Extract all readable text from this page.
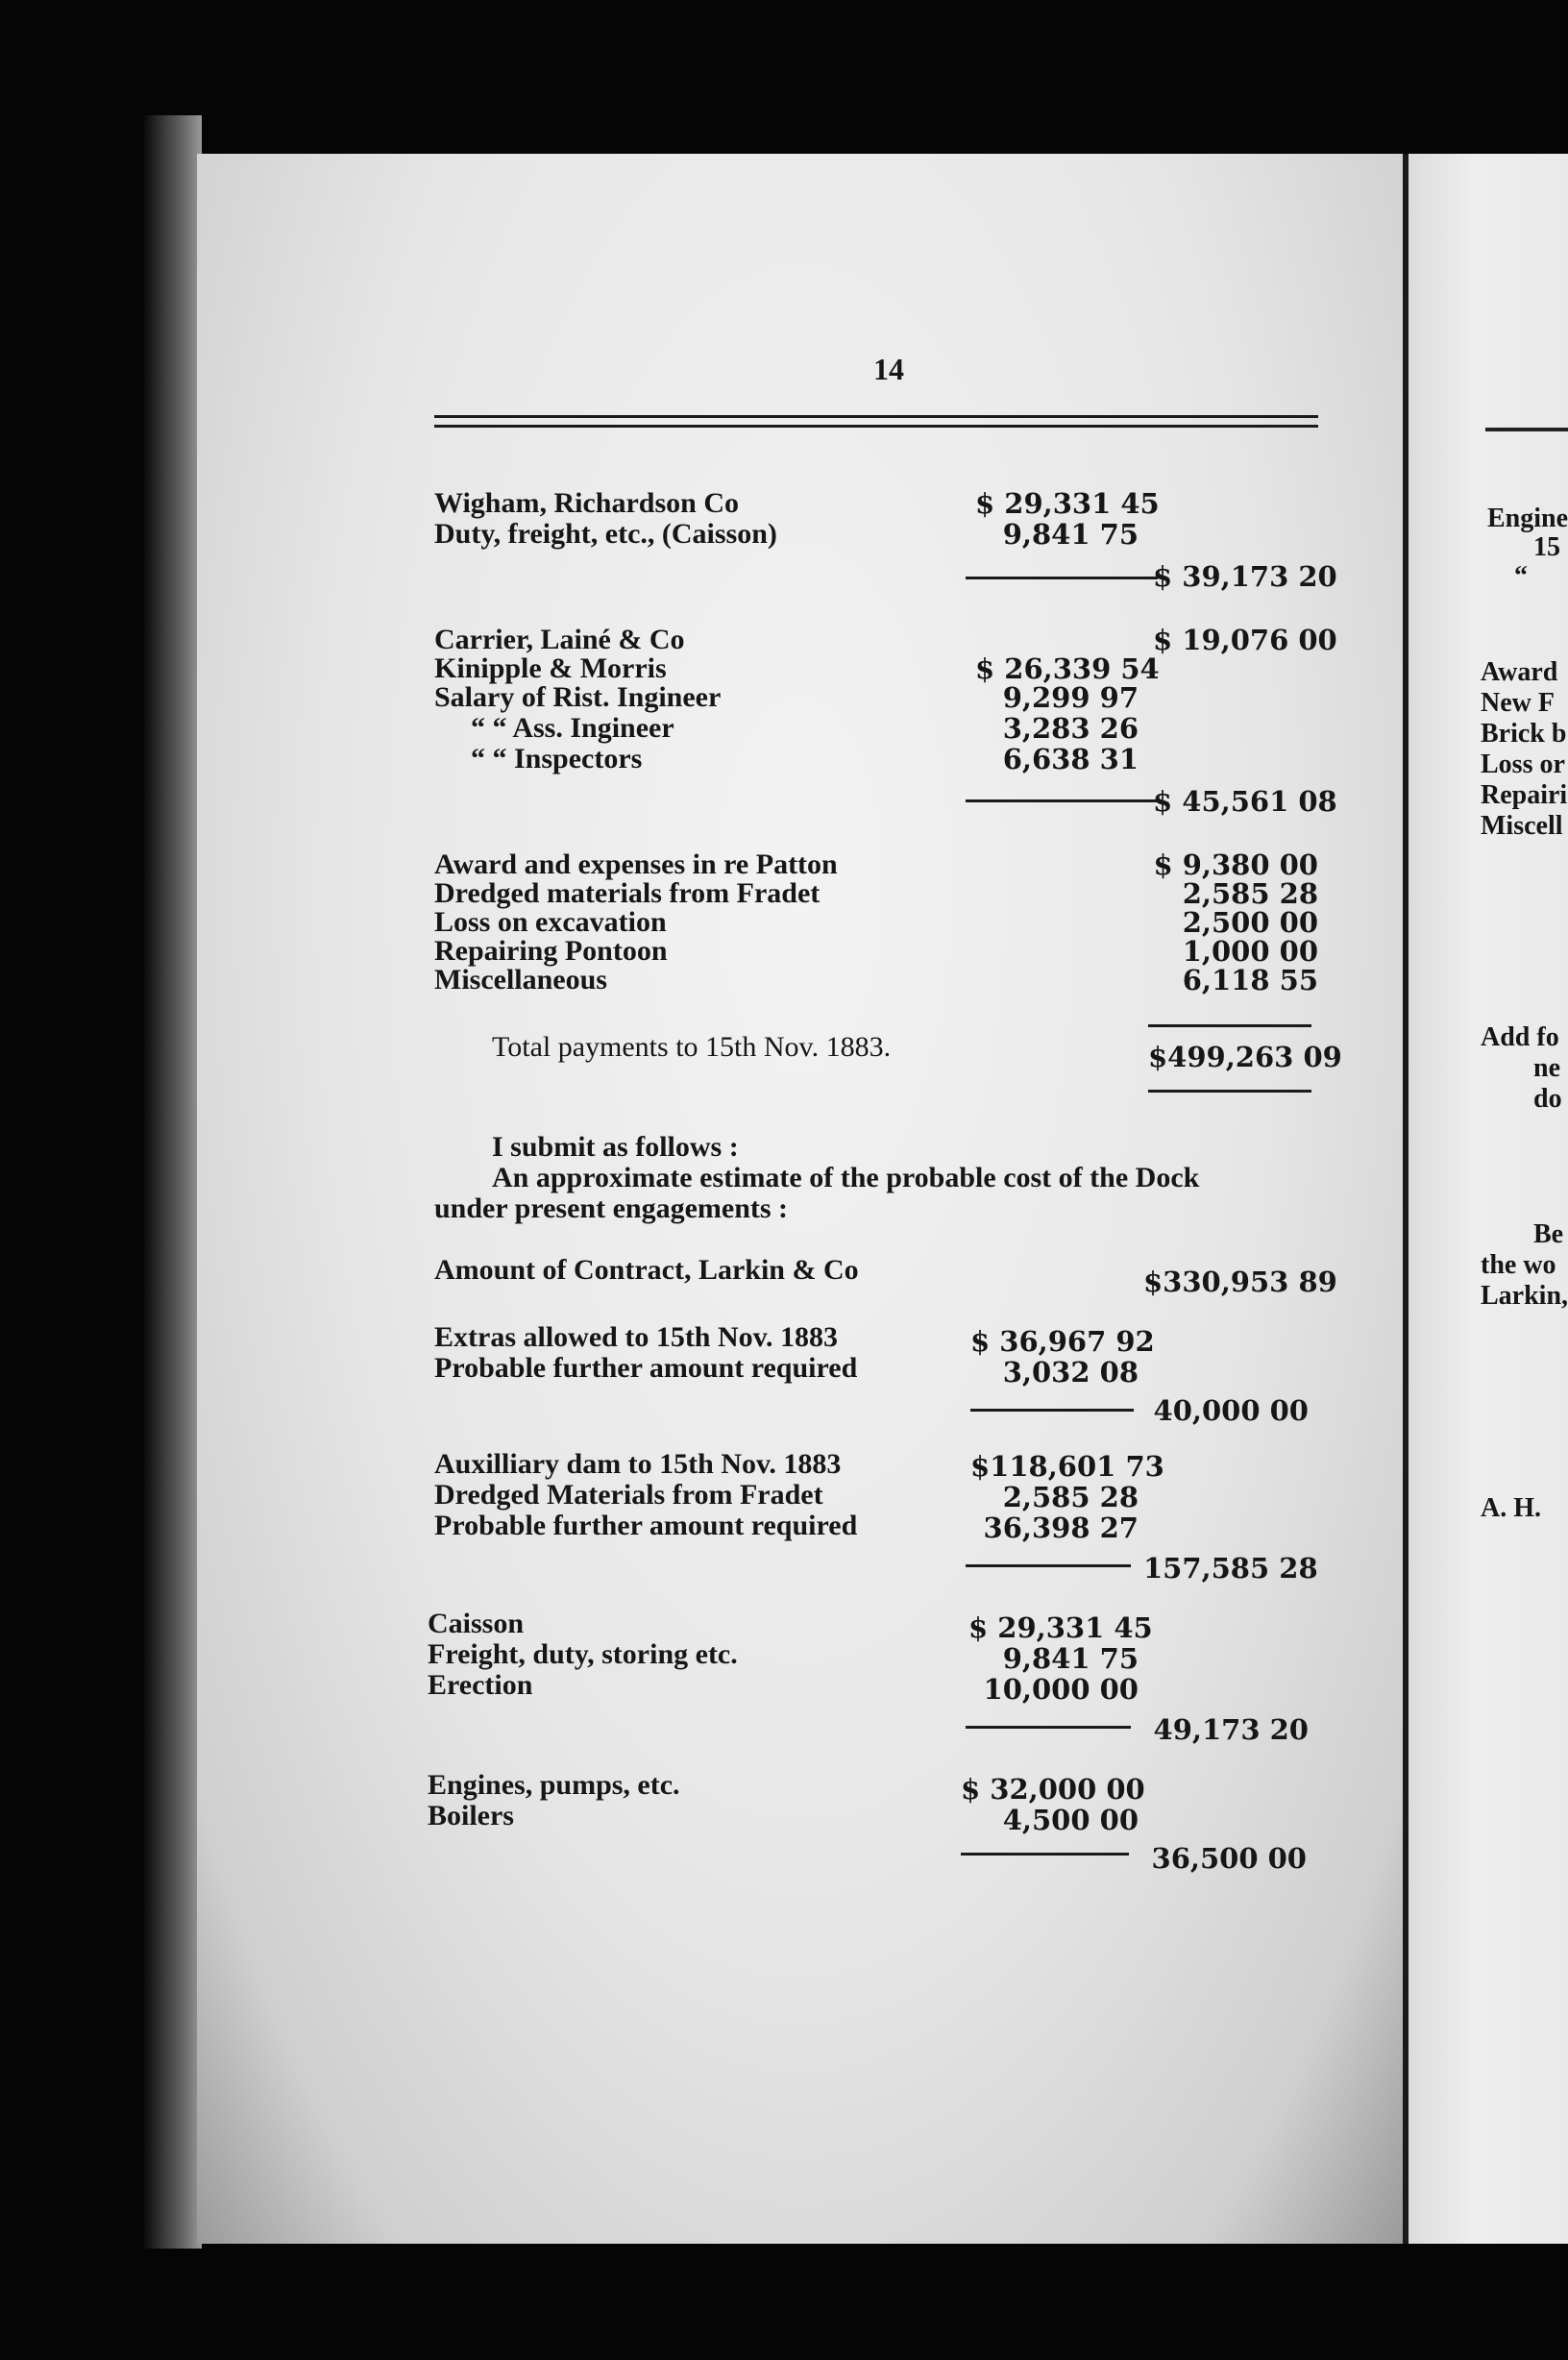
Engine
15
“
Award
New F
Brick b
Loss or
Repairi
Miscell
Add fo
ne
do
Be
the wo
Larkin,
A. H.
14
Wigham, Richardson Co	$ 29,331 45
Duty, freight, etc., (Caisson)	9,841 75
$ 39,173 20
Carrier, Lainé & Co	$ 19,076 00
Kinipple & Morris	$ 26,339 54
Salary of Rist. Ingineer	9,299 97
“ “ Ass. Ingineer	3,283 26
“ “ Inspectors	6,638 31
$ 45,561 08
Award and expenses in re Patton	$ 9,380 00
Dredged materials from Fradet	2,585 28
Loss on excavation	2,500 00
Repairing Pontoon	1,000 00
Miscellaneous	6,118 55
Total payments to 15th Nov. 1883.	$499,263 09
I submit as follows :
An approximate estimate of the probable cost of the Dock
under present engagements :
Amount of Contract, Larkin & Co	$330,953 89
Extras allowed to 15th Nov. 1883	$ 36,967 92
Probable further amount required	3,032 08
40,000 00
Auxilliary dam to 15th Nov. 1883	$118,601 73
Dredged Materials from Fradet	2,585 28
Probable further amount required	36,398 27
157,585 28
Caisson	$ 29,331 45
Freight, duty, storing etc.	9,841 75
Erection	10,000 00
49,173 20
Engines, pumps, etc.	$ 32,000 00
Boilers	4,500 00
36,500 00
